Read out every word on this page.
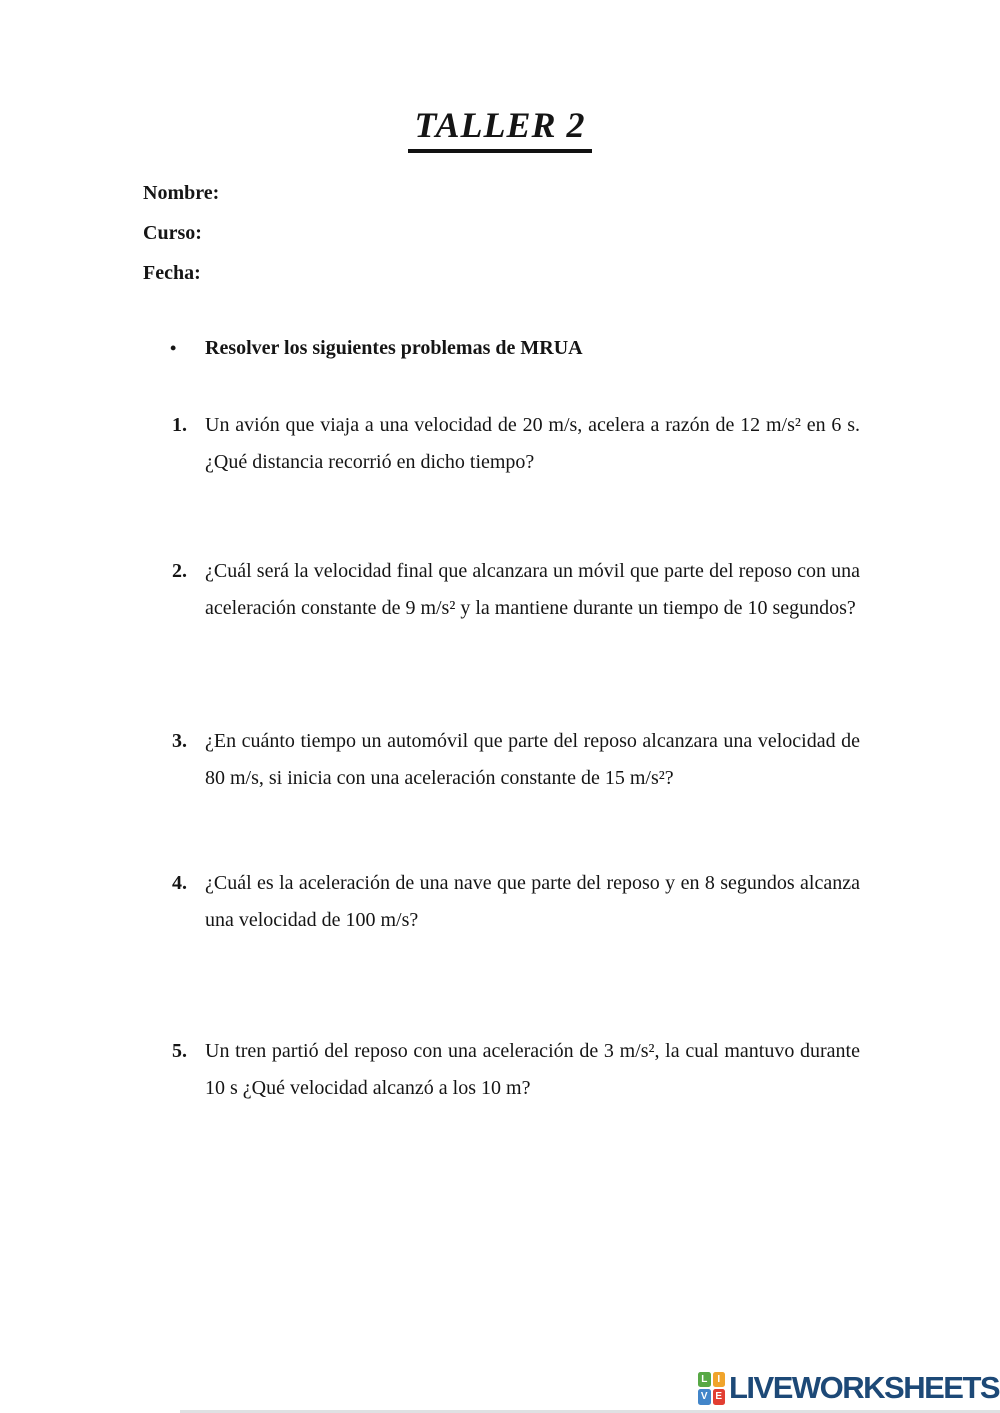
TALLER 2
Nombre:
Curso:
Fecha:
•	Resolver los siguientes problemas de MRUA
1. Un avión que viaja a una velocidad de 20 m/s, acelera a razón de 12 m/s² en 6 s. ¿Qué distancia recorrió en dicho tiempo?
2. ¿Cuál será la velocidad final que alcanzara un móvil que parte del reposo con una aceleración constante de 9 m/s² y la mantiene durante un tiempo de 10 segundos?
3. ¿En cuánto tiempo un automóvil que parte del reposo alcanzara una velocidad de 80 m/s, si inicia con una aceleración constante de 15 m/s²?
4. ¿Cuál es la aceleración de una nave que parte del reposo y en 8 segundos alcanza una velocidad de 100 m/s?
5. Un tren partió del reposo con una aceleración de 3 m/s², la cual mantuvo durante 10 s ¿Qué velocidad alcanzó a los 10 m?
L	I
V E LIVEWORKSHEETS
